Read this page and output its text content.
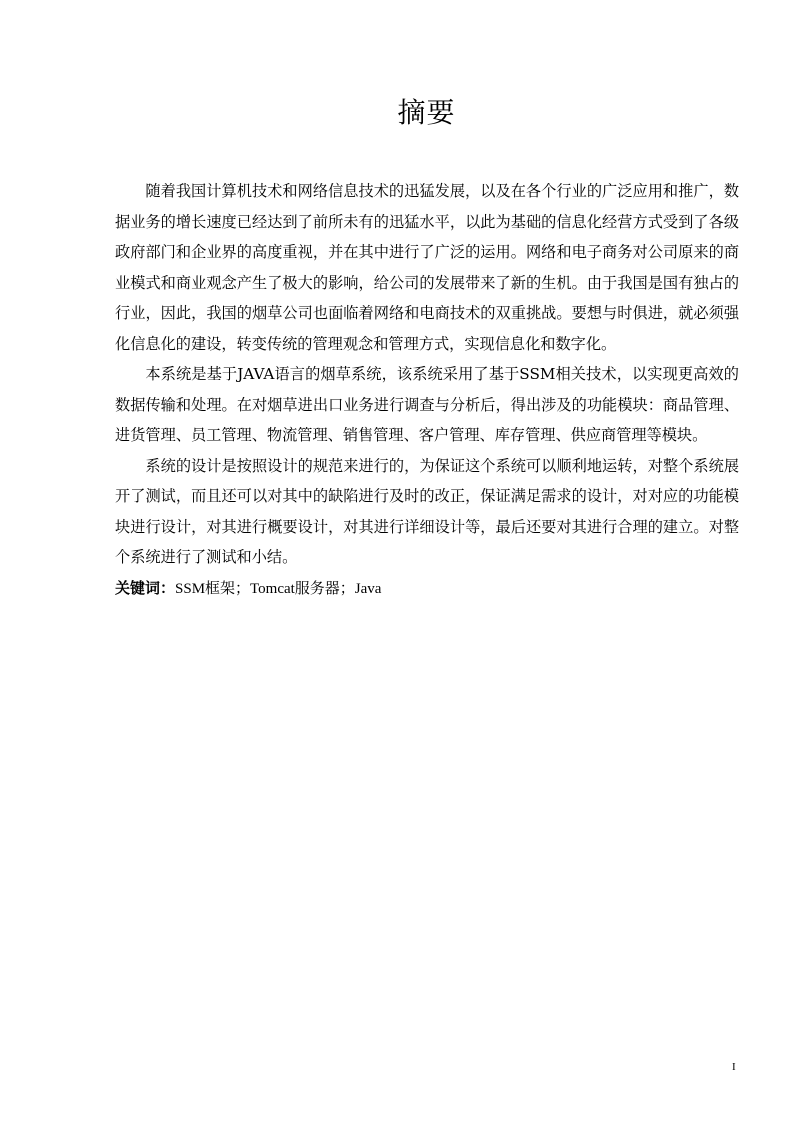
摘要

随着我国计算机技术和网络信息技术的迅猛发展，以及在各个行业的广泛应用和推广，数据业务的增长速度已经达到了前所未有的迅猛水平，以此为基础的信息化经营方式受到了各级政府部门和企业界的高度重视，并在其中进行了广泛的运用。网络和电子商务对公司原来的商业模式和商业观念产生了极大的影响，给公司的发展带来了新的生机。由于我国是国有独占的行业，因此，我国的烟草公司也面临着网络和电商技术的双重挑战。要想与时俱进，就必须强化信息化的建设，转变传统的管理观念和管理方式，实现信息化和数字化。

本系统是基于JAVA语言的烟草系统，该系统采用了基于SSM相关技术，以实现更高效的数据传输和处理。在对烟草进出口业务进行调查与分析后，得出涉及的功能模块：商品管理、进货管理、员工管理、物流管理、销售管理、客户管理、库存管理、供应商管理等模块。

系统的设计是按照设计的规范来进行的，为保证这个系统可以顺利地运转，对整个系统展开了测试，而且还可以对其中的缺陷进行及时的改正，保证满足需求的设计，对对应的功能模块进行设计，对其进行概要设计，对其进行详细设计等，最后还要对其进行合理的建立。对整个系统进行了测试和小结。

关键词：SSM框架；Tomcat服务器；Java

I
